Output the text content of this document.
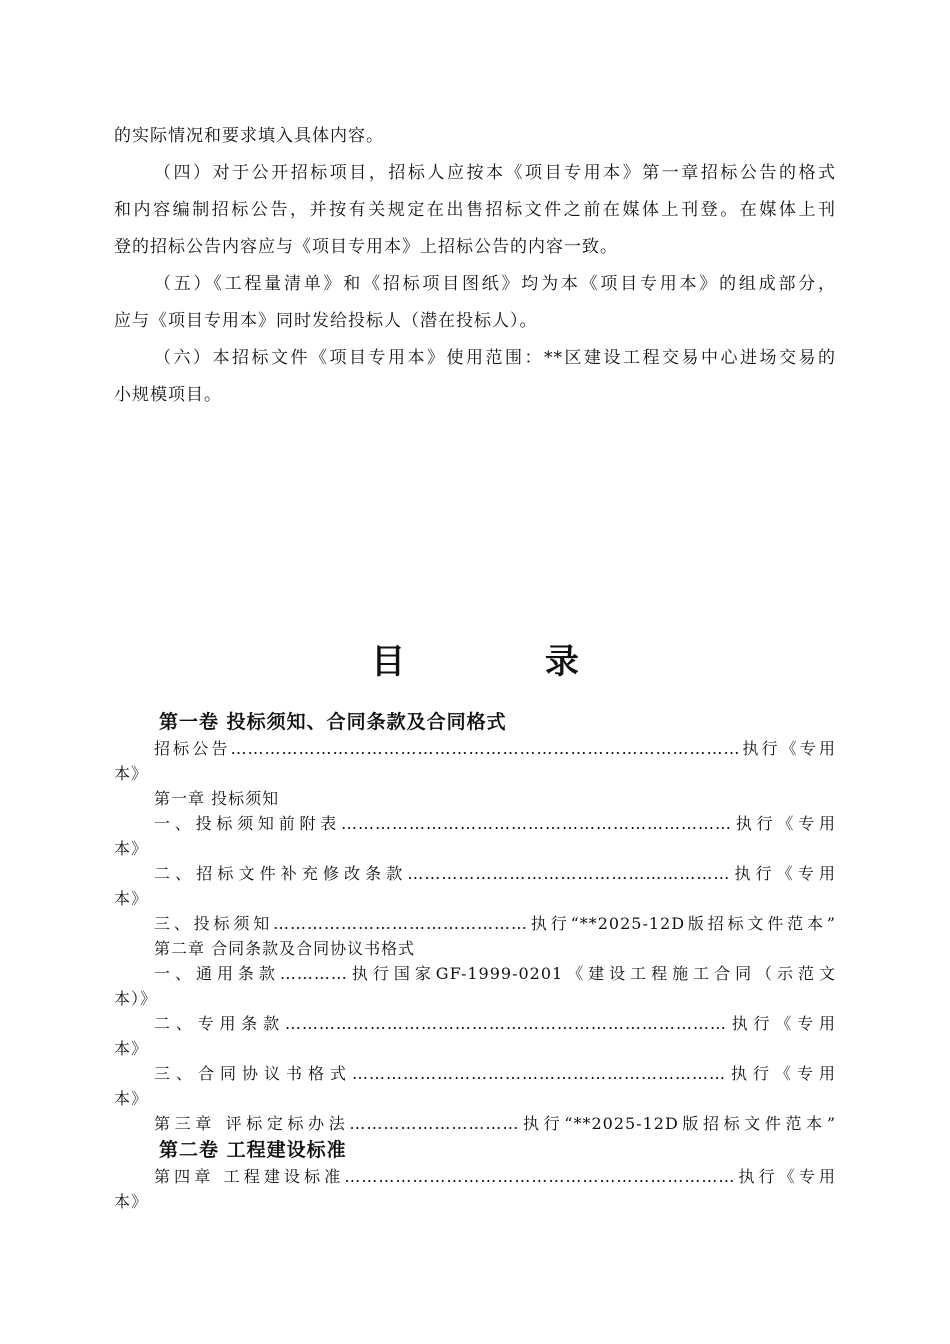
的实际情况和要求填入具体内容。
（四）对于公开招标项目，招标人应按本《项目专用本》第一章招标公告的格式
和内容编制招标公告，并按有关规定在出售招标文件之前在媒体上刊登。在媒体上刊
登的招标公告内容应与《项目专用本》上招标公告的内容一致。
（五）《工程量清单》和《招标项目图纸》均为本《项目专用本》的组成部分，
应与《项目专用本》同时发给投标人（潜在投标人）。
（六）本招标文件《项目专用本》使用范围：**区建设工程交易中心进场交易的
小规模项目。
目 录
第一卷 投标须知、合同条款及合同格式
招标公告………………………………………………………………………………执行《专用
本》
第一章 投标须知
一、投标须知前附表……………………………………………………………执行《专用
本》
二、招标文件补充修改条款…………………………………………………执行《专用
本》
三、投标须知………………………………………执行“**2025-12D版招标文件范本”
第二章 合同条款及合同协议书格式
一、通用条款…………执行国家GF-1999-0201《建设工程施工合同（示范文
本）》
二、专用条款……………………………………………………………………执行《专用
本》
三、合同协议书格式…………………………………………………………执行《专用
本》
第三章 评标定标办法…………………………执行“**2025-12D版招标文件范本”
第二卷 工程建设标准
第四章 工程建设标准……………………………………………………………执行《专用
本》
